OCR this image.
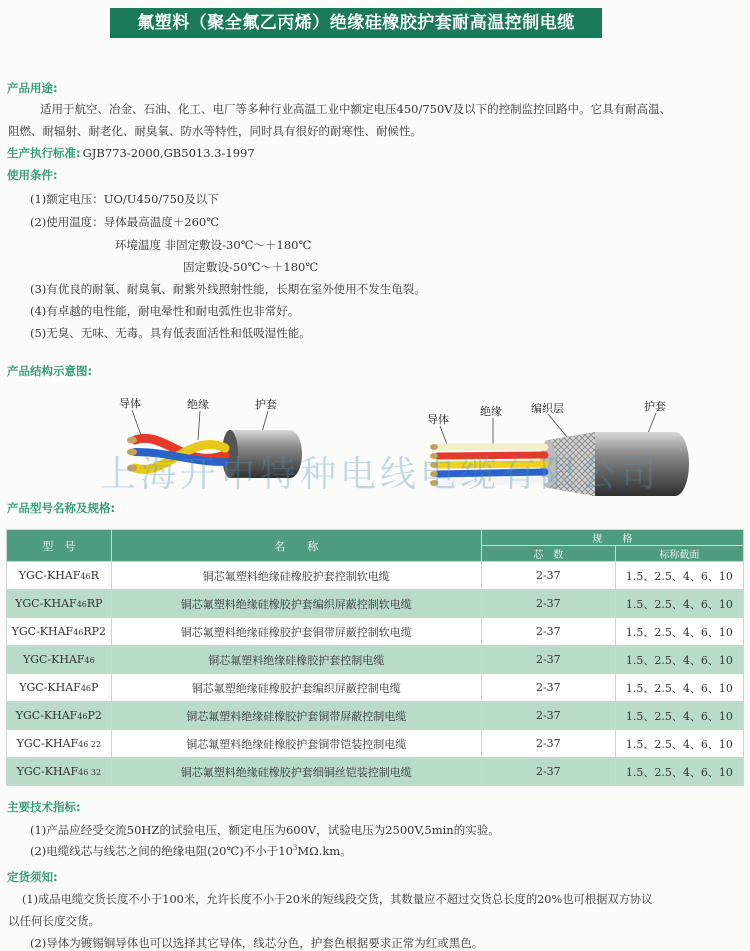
氟塑料（聚全氟乙丙烯）绝缘硅橡胶护套耐高温控制电缆
产品用途:
适用于航空、冶金、石油、化工、电厂等多种行业高温工业中额定电压450/750V及以下的控制监控回路中。它具有耐高温、
阻燃、耐辐射、耐老化、耐臭氧、防水等特性，同时具有很好的耐寒性、耐候性。
生产执行标准: GJB773-2000,GB5013.3-1997
使用条件:
(1)额定电压：UO/U450/750及以下
(2)使用温度：导体最高温度＋260℃
环境温度 非固定敷设-30℃～＋180℃
固定敷设-50℃～＋180℃
(3)有优良的耐氧、耐臭氧、耐紫外线照射性能，长期在室外使用不发生龟裂。
(4)有卓越的电性能，耐电晕性和耐电弧性也非常好。
(5)无臭、无味、无毒。具有低表面活性和低吸湿性能。
产品结构示意图:
导体	绝缘	护套
导体
绝缘	编织层	护套
上海开申特种电线电缆有限公司
产品型号名称及规格:
型　号	名　　称	规　　格	
		芯　数	标称截面
YGC-KHAF46R	铜芯氟塑料绝缘硅橡胶护套控制软电缆	2-37	1.5、2.5、4、6、10
YGC-KHAF46RP	铜芯氟塑料绝缘硅橡胶护套编织屏蔽控制软电缆	2-37	1.5、2.5、4、6、10
YGC-KHAF46RP2	铜芯氟塑料绝缘硅橡胶护套铜带屏蔽控制软电缆	2-37	1.5、2.5、4、6、10
YGC-KHAF46	铜芯氟塑料绝缘硅橡胶护套控制电缆	2-37	1.5、2.5、4、6、10
YGC-KHAF46P	铜芯氟塑绝缘硅橡胶护套编织屏蔽控制电缆	2-37	1.5、2.5、4、6、10
YGC-KHAF46P2	铜芯氟塑料绝缘硅橡胶护套铜带屏蔽控制电缆	2-37	1.5、2.5、4、6、10
YGC-KHAF46 22	铜芯氟塑料绝缘硅橡胶护套铜带铠装控制电缆	2-37	1.5、2.5、4、6、10
YGC-KHAF46 32	铜芯氟塑料绝缘硅橡胶护套细铜丝铠装控制电缆	2-37	1.5、2.5、4、6、10
主要技术指标:
(1)产品应经受交流50HZ的试验电压，额定电压为600V，试验电压为2500V,5min的实验。
(2)电缆线芯与线芯之间的绝缘电阻(20℃)不小于$10^3M\Omega.km$。
定货须知:
(1)成品电缆交货长度不小于100米，允许长度不小于20米的短线段交货，其数量应不超过交货总长度的20%也可根据双方协议
以任何长度交货。
(2)导体为镀锡铜导体也可以选择其它导体，线芯分色，护套色根据要求正常为红或黑色。
